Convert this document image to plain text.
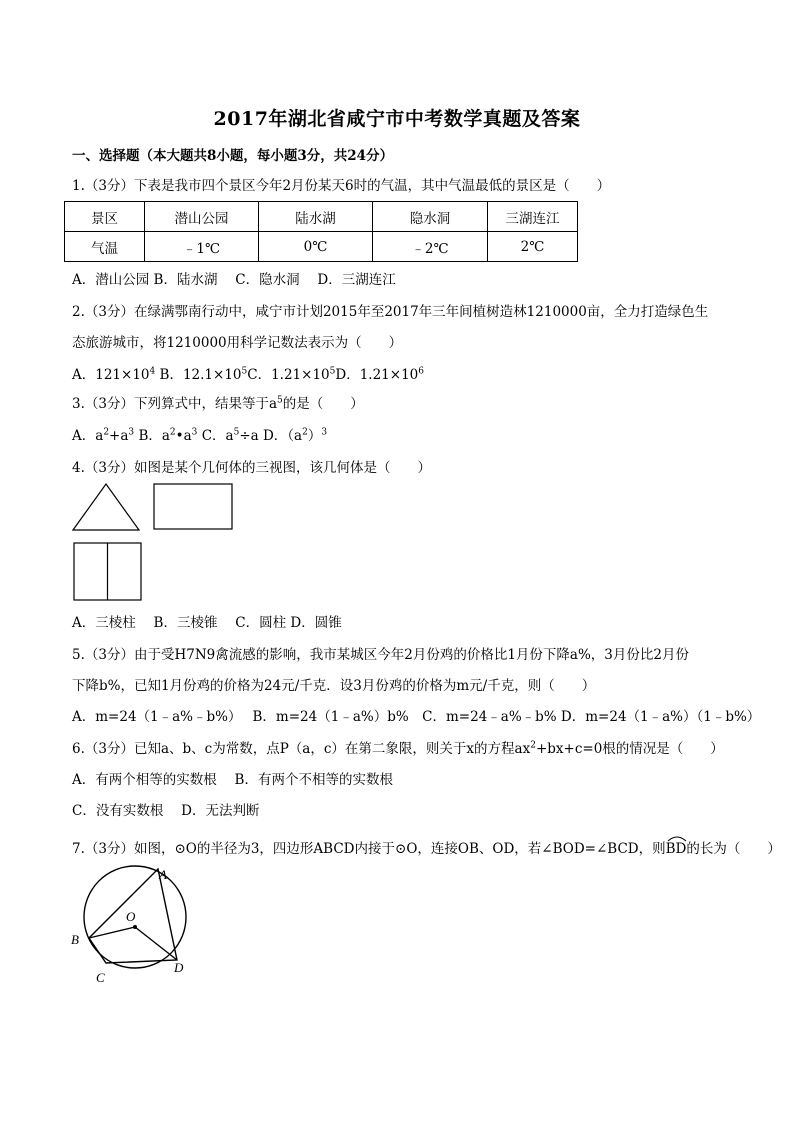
2017年湖北省咸宁市中考数学真题及答案
一、选择题（本大题共8小题，每小题3分，共24分）
1.（3分）下表是我市四个景区今年2月份某天6时的气温，其中气温最低的景区是（　　）
景区	潜山公园	陆水湖	隐水洞	三湖连江
气温	﹣1℃	0℃	﹣2℃	2℃
A．潜山公园 B．陆水湖　 C．隐水洞　 D．三湖连江
2.（3分）在绿满鄂南行动中，咸宁市计划2015年至2017年三年间植树造林1210000亩，全力打造绿色生
态旅游城市，将1210000用科学记数法表示为（　　）
A．$121\times 10^4$ B．$12.1\times 10^5C$．$1.21\times 10^5D$．$1.21\times 10^6$
3.（3分）下列算式中，结果等于$a^5$的是（　　）
A．$a^2+a^3$ B．$a^2•a^3$ C．$a^5\div a$ D．$(a^2)^3$
4.（3分）如图是某个几何体的三视图，该几何体是（　　）
A．三棱柱　 B．三棱锥　 C．圆柱 D．圆锥
5.（3分）由于受H7N9禽流感的影响，我市某城区今年2月份鸡的价格比1月份下降a%，3月份比2月份
下降b%，已知1月份鸡的价格为24元/千克．设3月份鸡的价格为m元/千克，则（　　）
A．m=24（1﹣a%﹣b%）　 B．m=24（1﹣a%）b%　C．m=24﹣a%﹣b% D．m=24（1﹣a%）（1﹣b%）
6.（3分）已知a、b、c为常数，点P（a，c）在第二象限，则关于x的方程$ax^2+bx+c=0$根的情况是（　　）
A．有两个相等的实数根　 B．有两个不相等的实数根
C．没有实数根　 D．无法判断
7.（3分）如图，⊙O的半径为3，四边形ABCD内接于⊙O，连接OB、OD，若∠BOD=∠BCD，则BD
的长为（　　）
A
B
C
D
O
